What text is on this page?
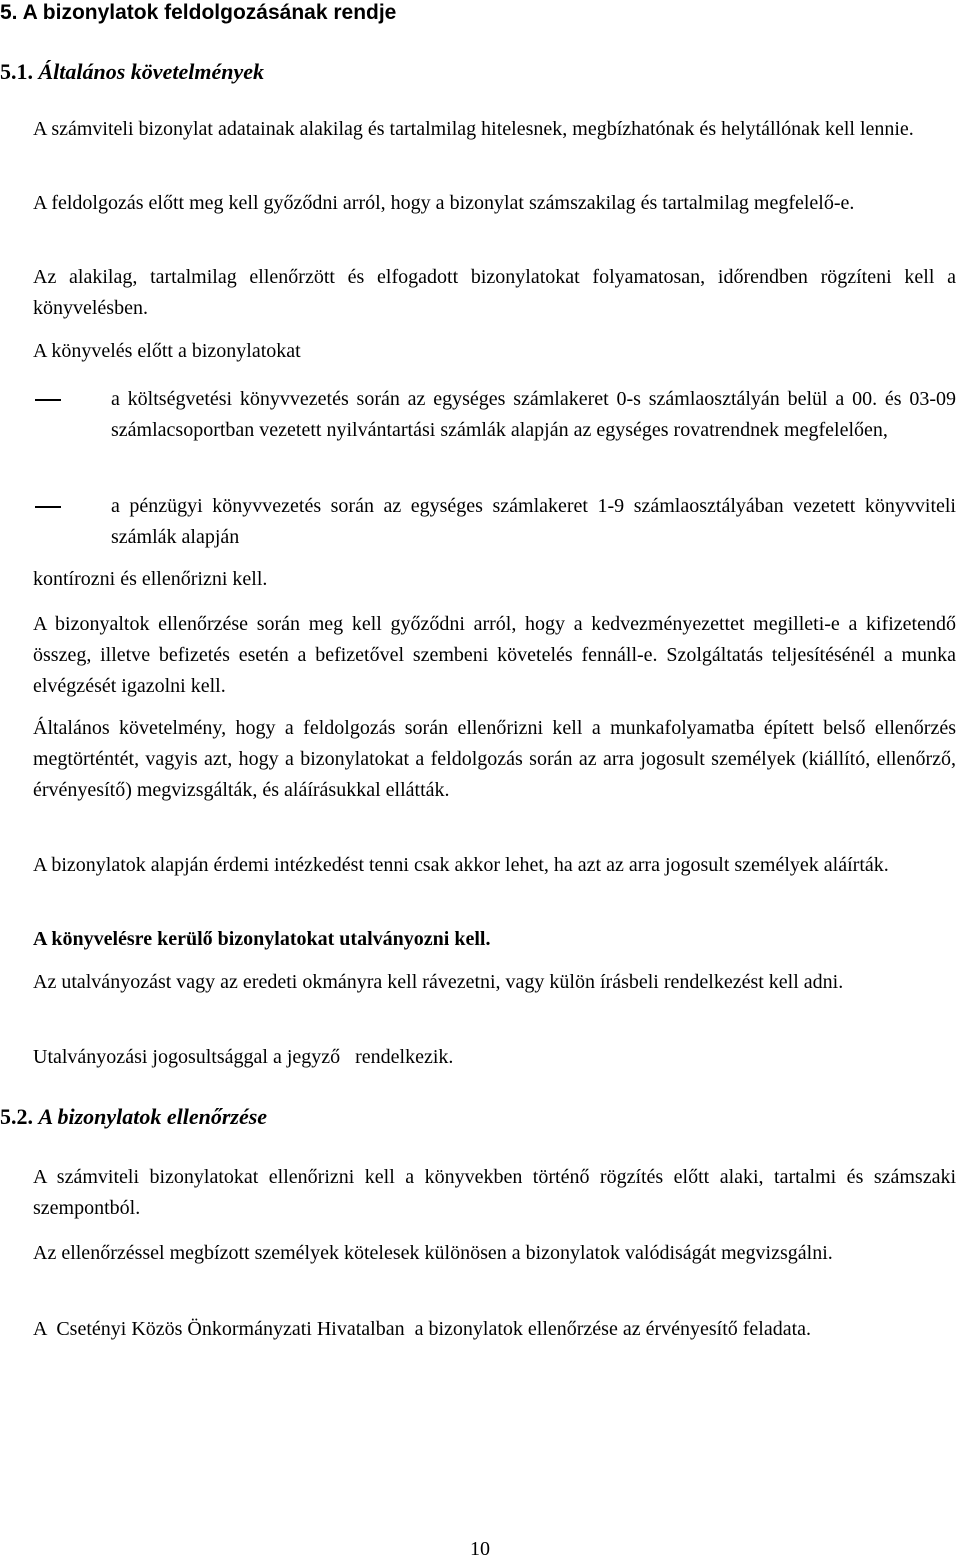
5. A bizonylatok feldolgozásának rendje
5.1. Általános követelmények

A számviteli bizonylat adatainak alakilag és tartalmilag hitelesnek, megbízhatónak és helytállónak kell lennie.

A feldolgozás előtt meg kell győződni arról, hogy a bizonylat számszakilag és tartalmilag megfelelő-e.

Az alakilag, tartalmilag ellenőrzött és elfogadott bizonylatokat folyamatosan, időrendben rögzíteni kell a könyvelésben.

A könyvelés előtt a bizonylatokat

a költségvetési könyvvezetés során az egységes számlakeret 0-s számlaosztályán belül a 00. és 03-09 számlacsoportban vezetett nyilvántartási számlák alapján az egységes rovatrendnek megfelelően,

a pénzügyi könyvvezetés során az egységes számlakeret 1-9 számlaosztályában vezetett könyvviteli számlák alapján

kontírozni és ellenőrizni kell.

A bizonyaltok ellenőrzése során meg kell győződni arról, hogy a kedvezményezettet megilleti-e a kifizetendő összeg, illetve befizetés esetén a befizetővel szembeni követelés fennáll-e. Szolgáltatás teljesítésénél a munka elvégzését igazolni kell.

Általános követelmény, hogy a feldolgozás során ellenőrizni kell a munkafolyamatba épített belső ellenőrzés megtörténtét, vagyis azt, hogy a bizonylatokat a feldolgozás során az arra jogosult személyek (kiállító, ellenőrző, érvényesítő) megvizsgálták, és aláírásukkal ellátták.

A bizonylatok alapján érdemi intézkedést tenni csak akkor lehet, ha azt az arra jogosult személyek aláírták.

A könyvelésre kerülő bizonylatokat utalványozni kell.

Az utalványozást vagy az eredeti okmányra kell rávezetni, vagy külön írásbeli rendelkezést kell adni.

Utalványozási jogosultsággal a jegyző   rendelkezik.

5.2. A bizonylatok ellenőrzése

A számviteli bizonylatokat ellenőrizni kell a könyvekben történő rögzítés előtt alaki, tartalmi és számszaki szempontból.

Az ellenőrzéssel megbízott személyek kötelesek különösen a bizonylatok valódiságát megvizsgálni.

A  Csetényi Közös Önkormányzati Hivatalban  a bizonylatok ellenőrzése az érvényesítő feladata.

10
